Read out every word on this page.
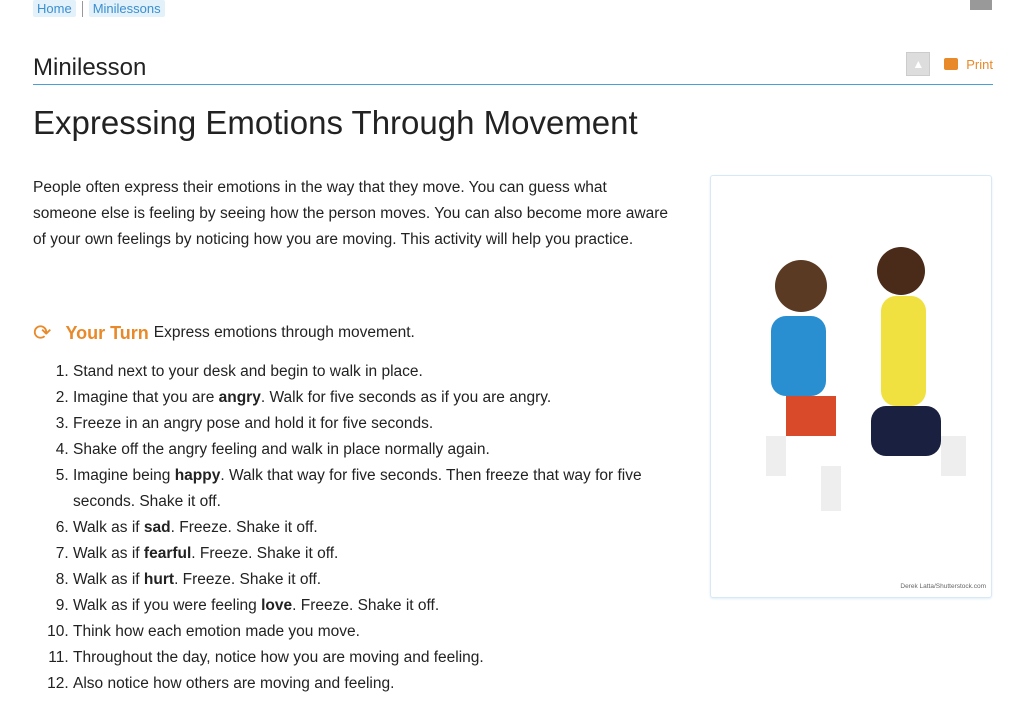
Home	Minilessons
Minilesson	▲	Print
Expressing Emotions Through Movement
People often express their emotions in the way that they move. You can guess what someone else is feeling by seeing how the person moves. You can also become more aware of your own feelings by noticing how you are moving. This activity will help you practice.
⟳ Your Turn Express emotions through movement.
1. Stand next to your desk and begin to walk in place.
2. Imagine that you are angry. Walk for five seconds as if you are angry.
3. Freeze in an angry pose and hold it for five seconds.
4. Shake off the angry feeling and walk in place normally again.
5. Imagine being happy. Walk that way for five seconds. Then freeze that way for five seconds. Shake it off.
6. Walk as if sad. Freeze. Shake it off.
7. Walk as if fearful. Freeze. Shake it off.
8. Walk as if hurt. Freeze. Shake it off.
9. Walk as if you were feeling love. Freeze. Shake it off.
10. Think how each emotion made you move.
11. Throughout the day, notice how you are moving and feeling.
12. Also notice how others are moving and feeling.
Derek Latta/Shutterstock.com
